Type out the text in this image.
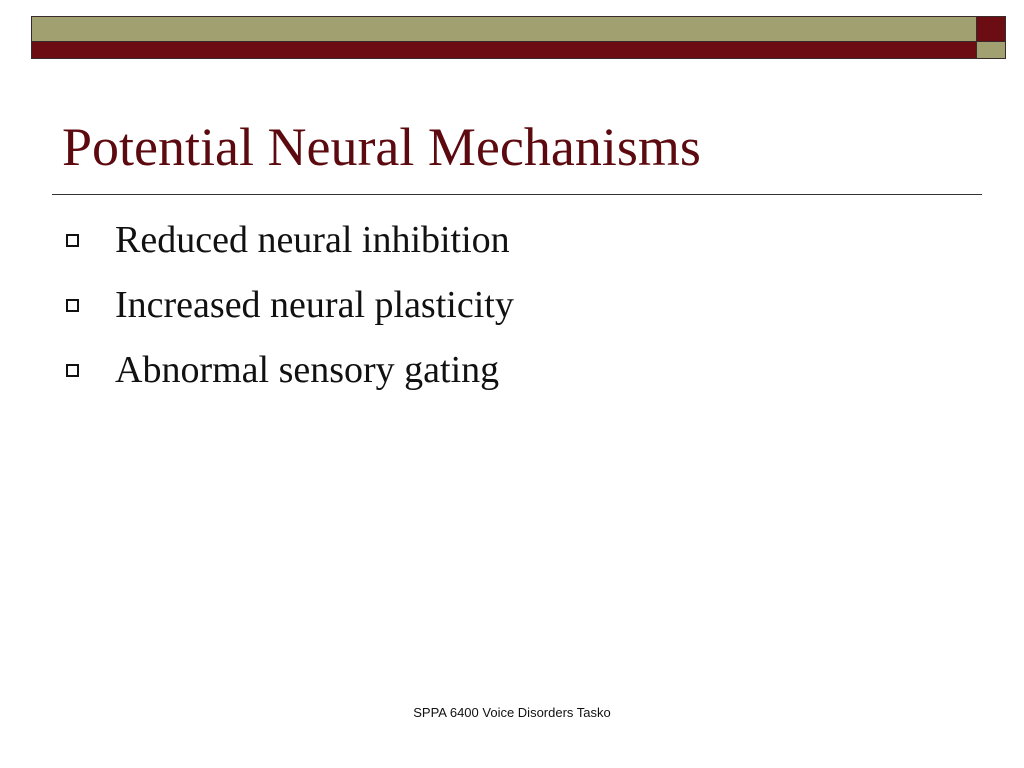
Potential Neural Mechanisms
Reduced neural inhibition
Increased neural plasticity
Abnormal sensory gating
SPPA 6400 Voice Disorders Tasko
